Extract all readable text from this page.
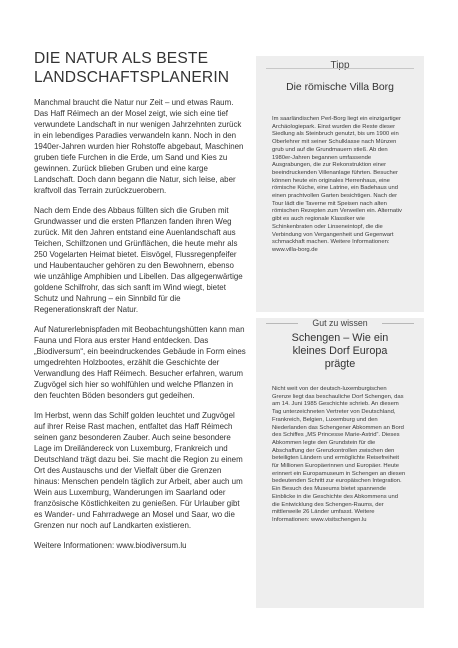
DIE NATUR ALS BESTE
LANDSCHAFTSPLANERIN

Manchmal braucht die Natur nur Zeit – und etwas Raum. Das Haff Réimech an der Mosel zeigt, wie sich eine tief verwundete Landschaft in nur wenigen Jahrzehnten zurück in ein lebendiges Paradies verwandeln kann. Noch in den 1940er-Jahren wurden hier Rohstoffe abgebaut, Maschinen gruben tiefe Furchen in die Erde, um Sand und Kies zu gewinnen. Zurück blieben Gruben und eine karge Landschaft. Doch dann begann die Natur, sich leise, aber kraftvoll das Terrain zurückzuerobern.

Nach dem Ende des Abbaus füllten sich die Gruben mit Grundwasser und die ersten Pflanzen fanden ihren Weg zurück. Mit den Jahren entstand eine Auenlandschaft aus Teichen, Schilfzonen und Grünflächen, die heute mehr als 250 Vogelarten Heimat bietet. Eisvögel, Flussregenpfeifer und Haubentaucher gehören zu den Bewohnern, ebenso wie unzählige Amphibien und Libellen. Das allgegenwärtige goldene Schilfrohr, das sich sanft im Wind wiegt, bietet Schutz und Nahrung – ein Sinnbild für die Regenerationskraft der Natur.

Auf Naturerlebnispfaden mit Beobachtungshütten kann man Fauna und Flora aus erster Hand entdecken. Das „Biodiversum“, ein beeindruckendes Gebäude in Form eines umgedrehten Holzbootes, erzählt die Geschichte der Verwandlung des Haff Réimech. Besucher erfahren, warum Zugvögel sich hier so wohlfühlen und welche Pflanzen in den feuchten Böden besonders gut gedeihen.

Im Herbst, wenn das Schilf golden leuchtet und Zugvögel auf ihrer Reise Rast machen, entfaltet das Haff Réimech seinen ganz besonderen Zauber. Auch seine besondere Lage im Dreiländereck von Luxemburg, Frankreich und Deutschland trägt dazu bei. Sie macht die Region zu einem Ort des Austauschs und der Vielfalt über die Grenzen hinaus: Menschen pendeln täglich zur Arbeit, aber auch um Wein aus Luxemburg, Wanderungen im Saarland oder französische Köstlichkeiten zu genießen. Für Urlauber gibt es Wander- und Fahrradwege an Mosel und Saar, wo die Grenzen nur noch auf Landkarten existieren.

Weitere Informationen: www.biodiversum.lu

Tipp

Die römische Villa Borg

Im saarländischen Perl-Borg liegt ein einzigartiger Archäologiepark. Einst wurden die Reste dieser Siedlung als Steinbruch genutzt, bis um 1900 ein Oberlehrer mit seiner Schulklasse nach Münzen grub und auf die Grundmauern stieß. Ab den 1980er-Jahren begannen umfassende Ausgrabungen, die zur Rekonstruktion einer beeindruckenden Villenanlage führten. Besucher können heute ein originales Herrenhaus, eine römische Küche, eine Latrine, ein Badehaus und einen prachtvollen Garten besichtigen. Nach der Tour lädt die Taverne mit Speisen nach alten römischen Rezepten zum Verweilen ein. Alternativ gibt es auch regionale Klassiker wie Schinkenbraten oder Linseneintopf, die die Verbindung von Vergangenheit und Gegenwart schmackhaft machen. Weitere Informationen: www.villa-borg.de

Gut zu wissen

Schengen – Wie ein kleines Dorf Europa prägte

Nicht weit von der deutsch-luxemburgischen Grenze liegt das beschauliche Dorf Schengen, das am 14. Juni 1985 Geschichte schrieb. An diesem Tag unterzeichneten Vertreter von Deutschland, Frankreich, Belgien, Luxemburg und den Niederlanden das Schengener Abkommen an Bord des Schiffes „MS Princesse Marie-Astrid“. Dieses Abkommen legte den Grundstein für die Abschaffung der Grenzkontrollen zwischen den beteiligten Ländern und ermöglichte Reisefreiheit für Millionen Europäerinnen und Europäer. Heute erinnert ein Europamuseum in Schengen an diesen bedeutenden Schritt zur europäischen Integration. Ein Besuch des Museums bietet spannende Einblicke in die Geschichte des Abkommens und die Entwicklung des Schengen-Raums, der mittlerweile 26 Länder umfasst. Weitere Informationen: www.visitschengen.lu
